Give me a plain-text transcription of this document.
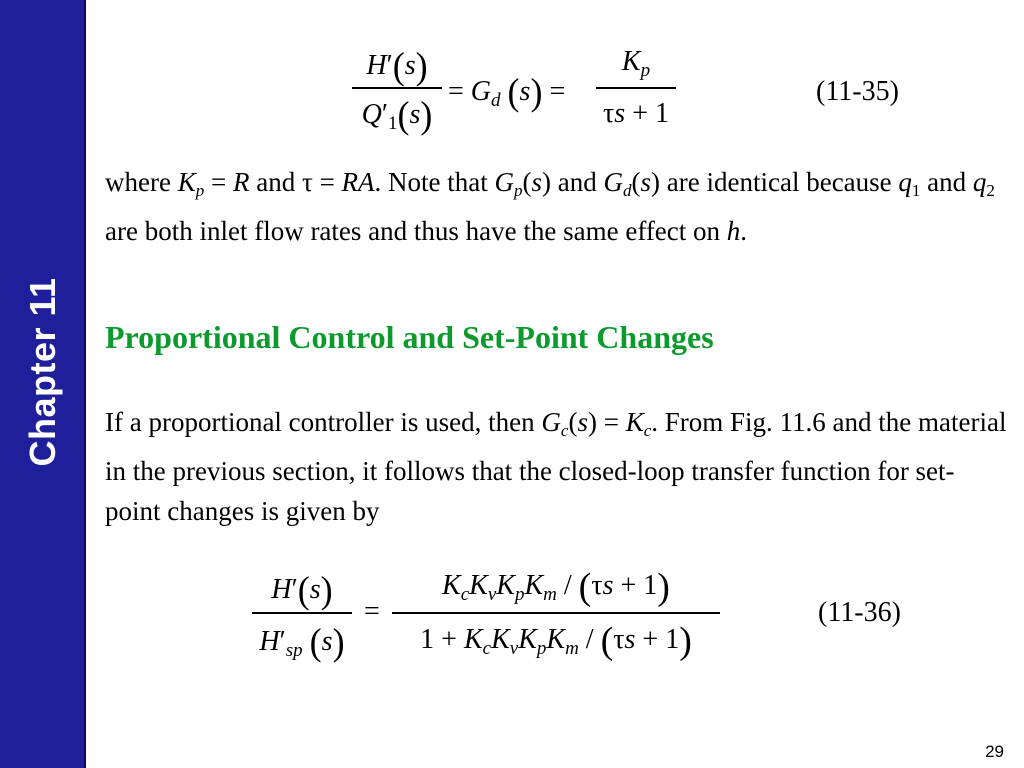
Chapter 11
H′(s)
$Q'_1(s)$
= $G_d$ (s) =
$K_p$
τs + 1
(11-35)
where $K_p = R$ and τ = RA. Note that $G_p(s)$ and $G_d(s)$ are identical because $q_1$ and $q_2$ are both inlet flow rates and thus have the same effect on h.
Proportional Control and Set-Point Changes
If a proportional controller is used, then $G_c(s) = K_c$. From Fig. 11.6 and the material in the previous section, it follows that the closed-loop transfer function for set-point changes is given by
H′(s)
$H'_{sp}$ (s)
=
$K_cK_vK_pK_m / (\tau s + 1)$
$1 + K_cK_vK_pK_m / (\tau s + 1)$
(11-36)
29
